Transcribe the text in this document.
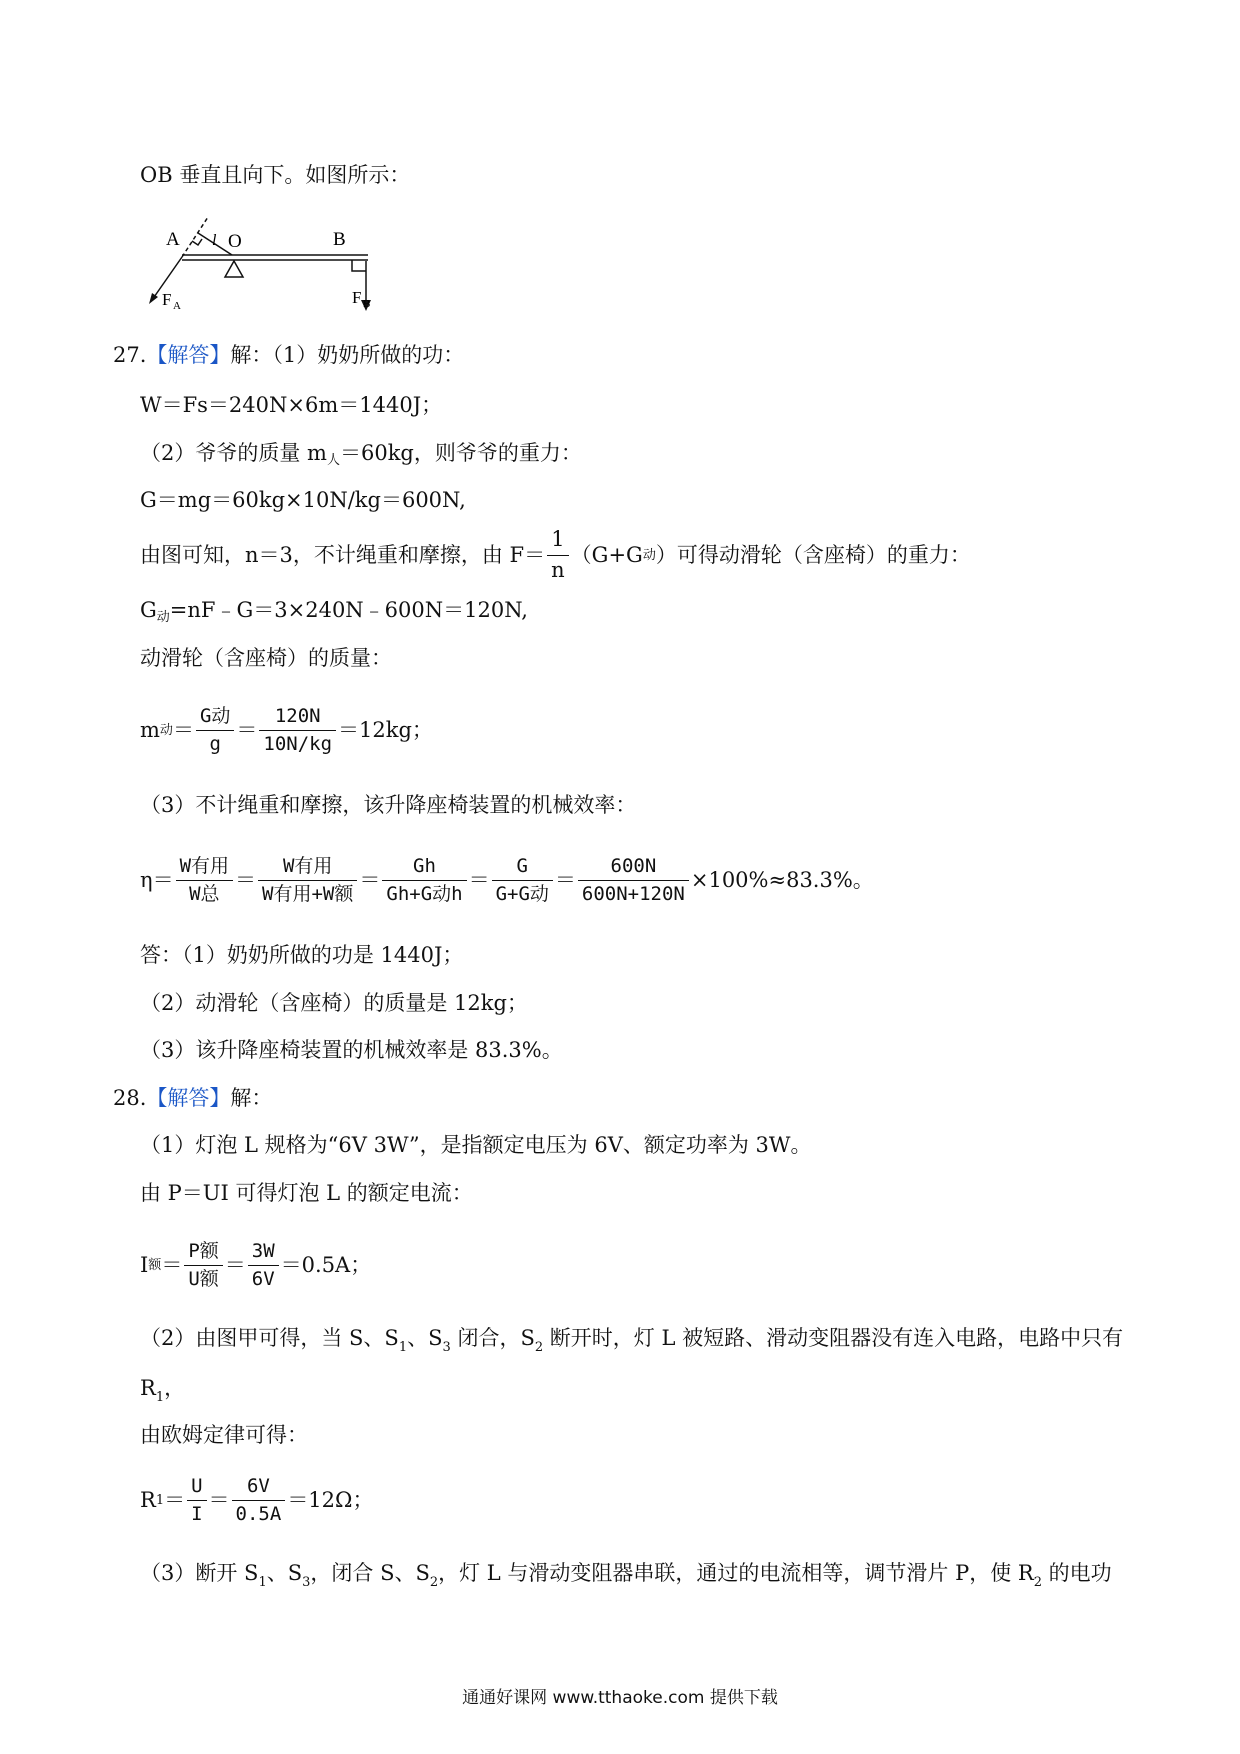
OB 垂直且向下。如图所示：
A	O
l	B
F A	F B
27.【解答】解：（1）奶奶所做的功：
W＝Fs＝240N×6m＝1440J；
（2）爷爷的质量 $m_人=60kg$，则爷爷的重力：
G＝mg＝60kg×10N/kg＝600N,
由图可知，n＝3，不计绳重和摩擦，由 $F= \frac{1}{n} (G+G$ 动 ）可得动滑轮（含座椅）的重力：
$G_动=nF﹣G=3\times 240N﹣600N=120N$,
动滑轮（含座椅）的质量：
m 动 ＝ $\frac{\text{G动}}{g} = \frac{120N}{10N/kg} =12kg$；
（3）不计绳重和摩擦，该升降座椅装置的机械效率：
$\eta= \frac{\text{W有用}}{\text{W总}} = \frac{\text{W有用}}{\text{W有用+W额}} = \frac{Gh}{\text{Gh+G动h}} = \frac{G}{\text{G+G动}} = \frac{600N}{600N+120N} \times 100\%\approx 83.3\%$。
答：（1）奶奶所做的功是 1440J；
（2）动滑轮（含座椅）的质量是 12kg；
（3）该升降座椅装置的机械效率是 83.3%。
28.【解答】解：
（1）灯泡 L 规格为“6V 3W”，是指额定电压为 6V、额定功率为 3W。
由 P＝UI 可得灯泡 L 的额定电流：
I 额 ＝ $\frac{\text{P额}}{\text{U额}} = \frac{3W}{6V} =0.5A$；
（2）由图甲可得，当 S、$S_1$、$S_3$ 闭合，$S_2$ 断开时，灯 L 被短路、滑动变阻器没有连入电路，电路中只有
$R_1$，
由欧姆定律可得：
R $1 = \frac{U}{I} = \frac{6V}{0.5A} =12\Omega$；
（3）断开 $S_1$、$S_3$，闭合 S、$S_2$，灯 L 与滑动变阻器串联，通过的电流相等，调节滑片 P，使 $R_2$ 的电功
通通好课网 www.tthaoke.com 提供下载
